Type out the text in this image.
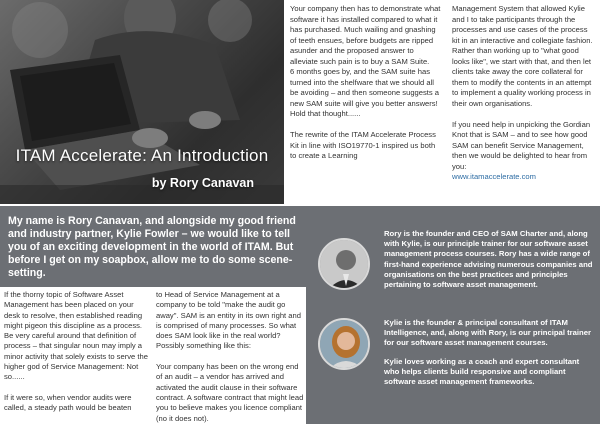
ITAM Accelerate: An Introduction
by Rory Canavan

Your company then has to demonstrate what software it has installed compared to what it has purchased. Much wailing and gnashing of teeth ensues, before budgets are ripped asunder and the proposed answer to alleviate such pain is to buy a SAM Suite.
6 months goes by, and the SAM suite has turned into the shelfware that we should all be avoiding – and then someone suggests a new SAM suite will give you better answers! Hold that thought......

The rewrite of the ITAM Accelerate Process Kit in line with ISO19770-1 inspired us both to create a Learning

Management System that allowed Kylie and I to take participants through the processes and use cases of the process kit in an interactive and collegiate fashion. Rather than working up to "what good looks like", we start with that, and then let clients take away the core collateral for them to modify the contents in an attempt to implement a quality working process in their own organisations.

If you need help in unpicking the Gordian Knot that is SAM – and to see how good SAM can benefit Service Management, then we would be delighted to hear from you:
www.itamaccelerate.com

My name is Rory Canavan, and alongside my good friend and industry partner, Kylie Fowler – we would like to tell you of an exciting development in the world of ITAM. But before I get on my soapbox, allow me to do some scene-setting.

If the thorny topic of Software Asset Management has been placed on your desk to resolve, then established reading might pigeon this discipline as a process. Be very careful around that definition of process – that singular noun may imply a minor activity that solely exists to serve the higher god of Service Management: Not so......

If it were so, when vendor audits were called, a steady path would be beaten

to Head of Service Management at a company to be told "make the audit go away". SAM is an entity in its own right and is comprised of many processes. So what does SAM look like in the real world? Possibly something like this:

Your company has been on the wrong end of an audit – a vendor has arrived and activated the audit clause in their software contract. A software contract that might lead you to believe makes you licence compliant (no it does not).

Rory is the founder and CEO of SAM Charter and, along with Kylie, is our principle trainer for our software asset management process courses. Rory has a wide range of first-hand experience advising numerous companies and organisations on the best practices and principles pertaining to software asset management.

Kylie is the founder & principal consultant of ITAM Intelligence, and, along with Rory, is our principal trainer for our software asset management courses.

Kylie loves working as a coach and expert consultant who helps clients build responsive and compliant software asset management frameworks.
